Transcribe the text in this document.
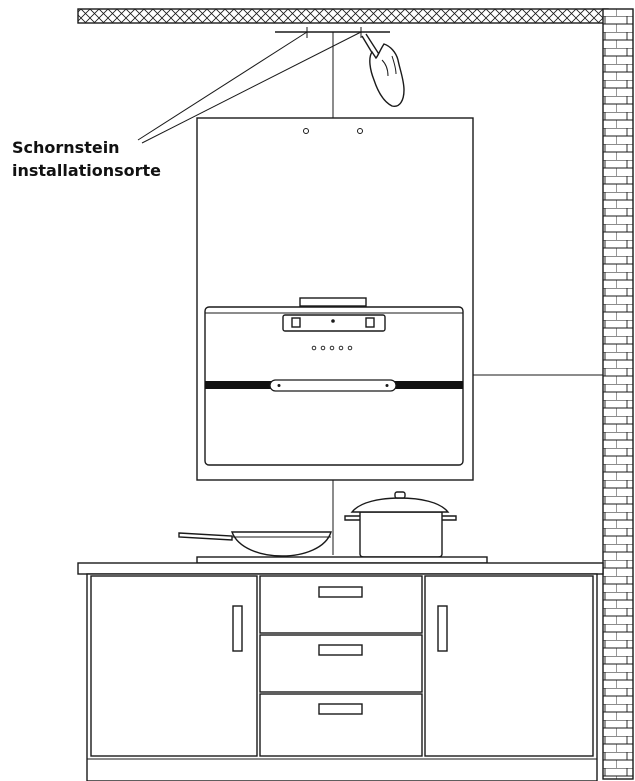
Schornstein
installationsorte
